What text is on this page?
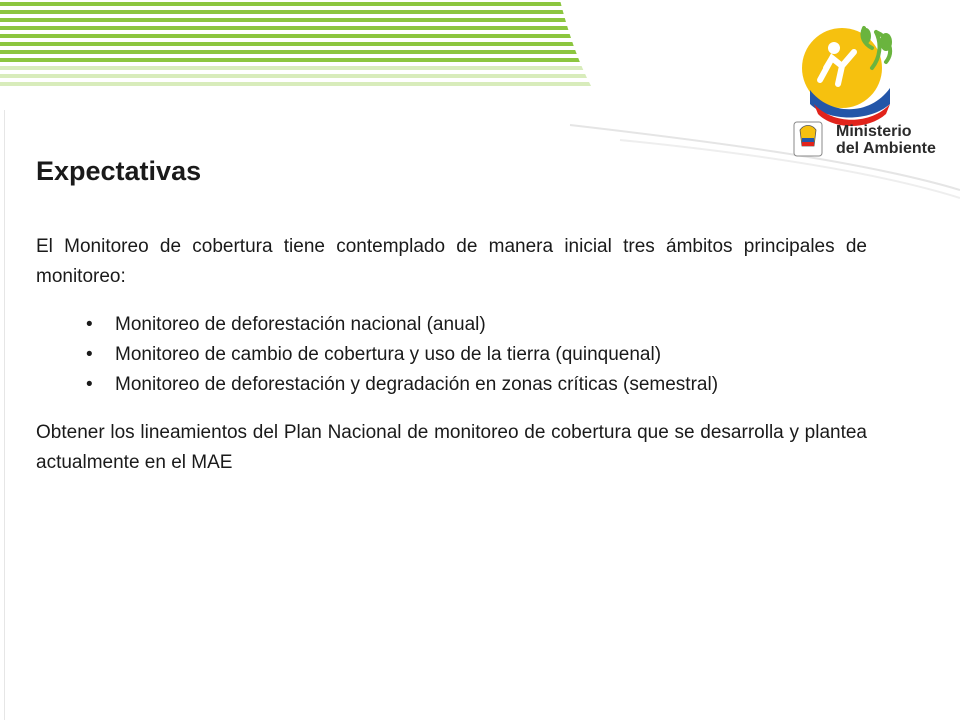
Ministerio
del Ambiente
Expectativas

El Monitoreo de cobertura tiene contemplado de manera inicial tres ámbitos principales de monitoreo:

• Monitoreo de deforestación nacional (anual)
• Monitoreo de cambio de cobertura y uso de la tierra (quinquenal)
• Monitoreo de deforestación y degradación en zonas críticas (semestral)

Obtener los lineamientos del Plan Nacional de monitoreo de cobertura que se desarrolla y plantea actualmente en el MAE
